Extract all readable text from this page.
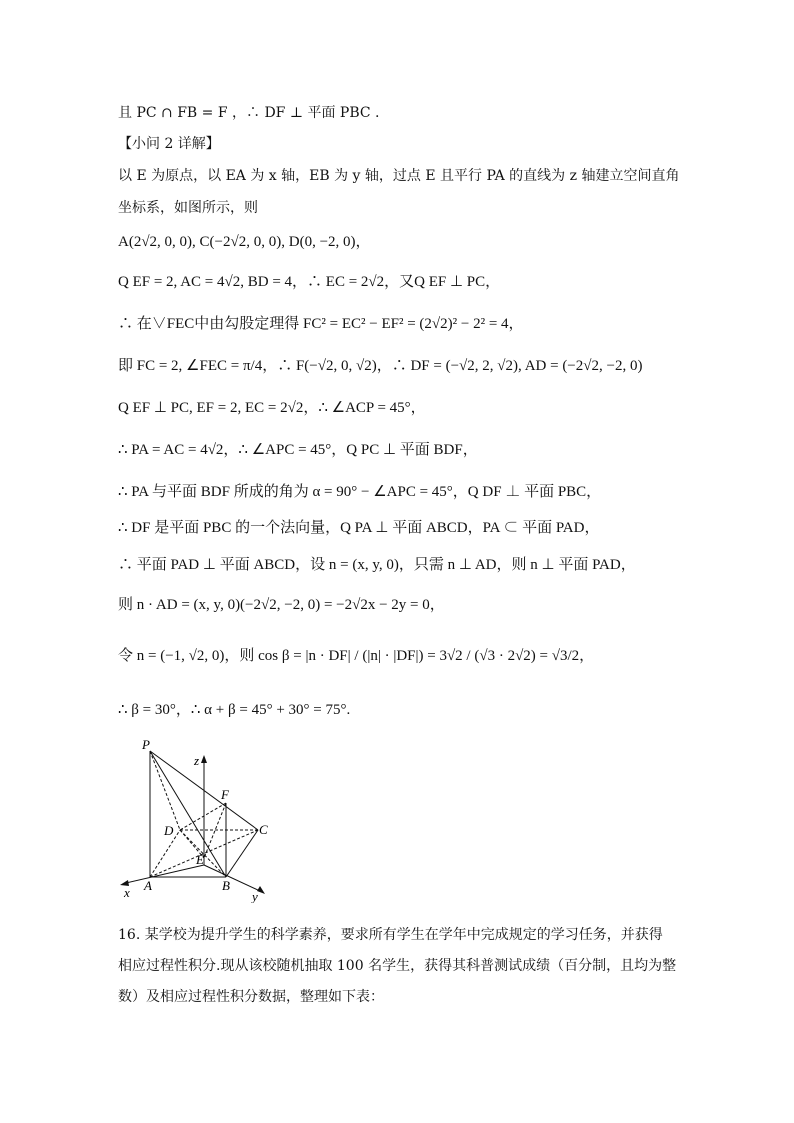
且 PC ∩ FB = F ，∴ DF ⊥ 平面 PBC .
【小问 2 详解】
以 E 为原点，以 EA 为 x 轴，EB 为 y 轴，过点 E 且平行 PA 的直线为 z 轴建立空间直角
坐标系，如图所示，则
A(2√2, 0, 0), C(−2√2, 0, 0), D(0, −2, 0)，
Q EF = 2, AC = 4√2, BD = 4，∴ EC = 2√2，又Q EF ⊥ PC，
∴ 在∨FEC中由勾股定理得 FC² = EC² − EF² = (2√2)² − 2² = 4，
即 FC = 2, ∠FEC = π/4，∴ F(−√2, 0, √2)，∴ DF = (−√2, 2, √2), AD = (−2√2, −2, 0)
Q EF ⊥ PC, EF = 2, EC = 2√2，∴ ∠ACP = 45°，
∴ PA = AC = 4√2，∴ ∠APC = 45°，Q PC ⊥ 平面 BDF，
∴ PA 与平面 BDF 所成的角为 α = 90° − ∠APC = 45°，Q DF ⊥ 平面 PBC，
∴ DF 是平面 PBC 的一个法向量，Q PA ⊥ 平面 ABCD，PA ⊂ 平面 PAD，
∴ 平面 PAD ⊥ 平面 ABCD，设 n = (x, y, 0)，只需 n ⊥ AD，则 n ⊥ 平面 PAD，
则 n · AD = (x, y, 0)(−2√2, −2, 0) = −2√2x − 2y = 0，
令 n = (−1, √2, 0)，则 cos β = |n · DF| / (|n| · |DF|) = 3√2 / (√3 · 2√2) = √3/2，
∴ β = 30°，∴ α + β = 45° + 30° = 75°.
P
z
F
D	C
E
A	B
x	y
16. 某学校为提升学生的科学素养，要求所有学生在学年中完成规定的学习任务，并获得
相应过程性积分.现从该校随机抽取 100 名学生，获得其科普测试成绩（百分制，且均为整
数）及相应过程性积分数据，整理如下表：
